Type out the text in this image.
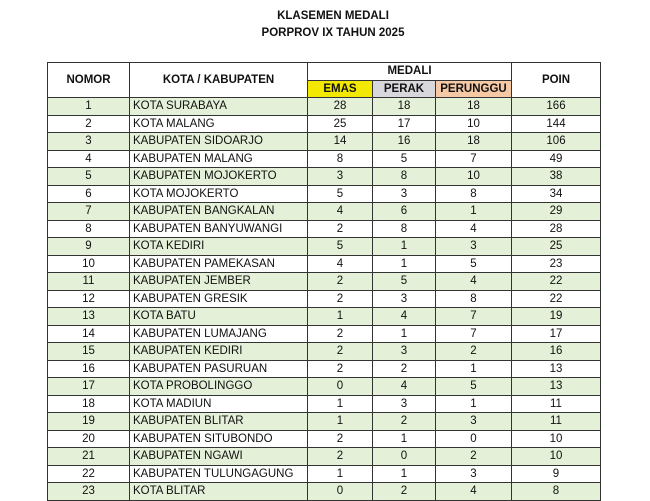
KLASEMEN MEDALI
PORPROV IX TAHUN 2025
NOMOR	KOTA / KABUPATEN	MEDALI			POIN
		EMAS	PERAK	PERUNGGU	
1	KOTA SURABAYA	28	18	18	166
2	KOTA MALANG	25	17	10	144
3	KABUPATEN SIDOARJO	14	16	18	106
4	KABUPATEN MALANG	8	5	7	49
5	KABUPATEN MOJOKERTO	3	8	10	38
6	KOTA MOJOKERTO	5	3	8	34
7	KABUPATEN BANGKALAN	4	6	1	29
8	KABUPATEN BANYUWANGI	2	8	4	28
9	KOTA KEDIRI	5	1	3	25
10	KABUPATEN PAMEKASAN	4	1	5	23
11	KABUPATEN JEMBER	2	5	4	22
12	KABUPATEN GRESIK	2	3	8	22
13	KOTA BATU	1	4	7	19
14	KABUPATEN LUMAJANG	2	1	7	17
15	KABUPATEN KEDIRI	2	3	2	16
16	KABUPATEN PASURUAN	2	2	1	13
17	KOTA PROBOLINGGO	0	4	5	13
18	KOTA MADIUN	1	3	1	11
19	KABUPATEN BLITAR	1	2	3	11
20	KABUPATEN SITUBONDO	2	1	0	10
21	KABUPATEN NGAWI	2	0	2	10
22	KABUPATEN TULUNGAGUNG	1	1	3	9
23	KOTA BLITAR	0	2	4	8
